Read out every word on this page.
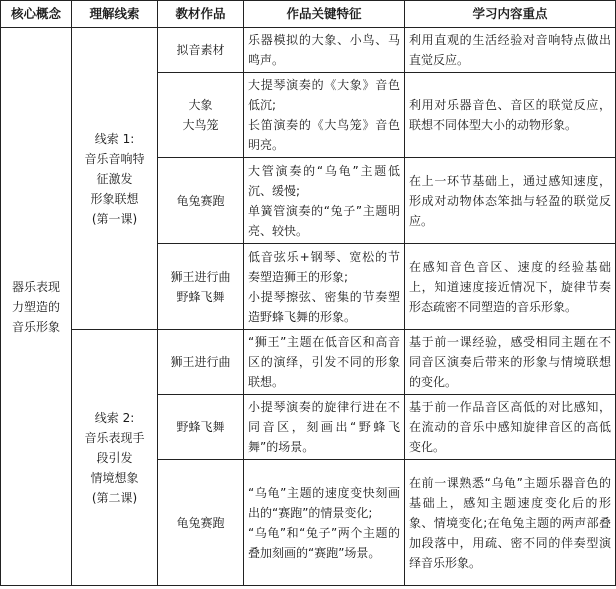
核心概念	理解线索	教材作品	作品关键特征	学习内容重点

器乐表现
力塑造的
音乐形象	线索 1:
音乐音响特
征激发
形象联想
(第一课)	拟音素材	乐器模拟的大象、小鸟、马鸣声。	利用直观的生活经验对音响特点做出直觉反应。

		大象
大鸟笼	大提琴演奏的《大象》音色低沉;
长笛演奏的《大鸟笼》音色明亮。	利用对乐器音色、音区的联觉反应，联想不同体型大小的动物形象。

		龟兔赛跑	大管演奏的“乌龟”主题低沉、缓慢;
单簧管演奏的“兔子”主题明亮、较快。	在上一环节基础上，通过感知速度，形成对动物体态笨拙与轻盈的联觉反应。

		狮王进行曲
野蜂飞舞	低音弦乐+钢琴、宽松的节奏塑造狮王的形象;
小提琴擦弦、密集的节奏塑造野蜂飞舞的形象。	在感知音色音区、速度的经验基础上，知道速度接近情况下，旋律节奏形态疏密不同塑造的音乐形象。

	线索 2:
音乐表现手
段引发
情境想象
(第二课)	狮王进行曲	“狮王”主题在低音区和高音区的演绎，引发不同的形象联想。	基于前一课经验，感受相同主题在不同音区演奏后带来的形象与情境联想的变化。

		野蜂飞舞	小提琴演奏的旋律行进在不同音区，刻画出“野蜂飞舞”的场景。	基于前一作品音区高低的对比感知，在流动的音乐中感知旋律音区的高低变化。

		龟兔赛跑	“乌龟”主题的速度变快刻画出的“赛跑”的情景变化;
“乌龟”和“兔子”两个主题的叠加刻画的“赛跑”场景。	在前一课熟悉“乌龟”主题乐器音色的基础上，感知主题速度变化后的形象、情境变化;在龟兔主题的两声部叠加段落中，用疏、密不同的伴奏型演绎音乐形象。
